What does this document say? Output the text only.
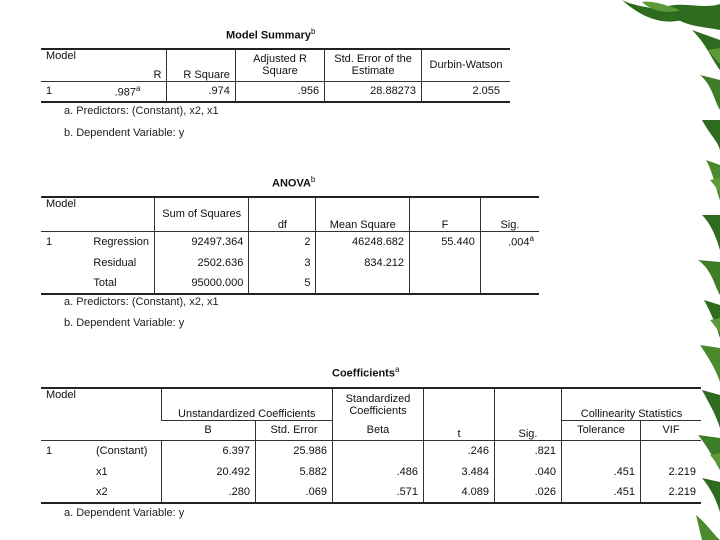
Model Summary$^b$
Model	R	R Square	Adjusted R Square	Std. Error of the Estimate	Durbin-Watson
1	.987$^a$	.974	.956	28.88273	2.055
a. Predictors: (Constant), x2, x1
b. Dependent Variable: y
ANOVA$^b$
Model		Sum of Squares	df	Mean Square	F	Sig.
1	Regression	92497.364	2	46248.682	55.440	.004$^a$
	Residual	2502.636	3	834.212		
	Total	95000.000	5			
a. Predictors: (Constant), x2, x1
b. Dependent Variable: y
Coefficients$^a$
Model		Unstandardized Coefficients		Standardized Coefficients	t	Sig.	Collinearity Statistics	
		B	Std. Error	Beta			Tolerance	VIF
1	(Constant)	6.397	25.986		.246	.821		
	x1	20.492	5.882	.486	3.484	.040	.451	2.219
	x2	.280	.069	.571	4.089	.026	.451	2.219
a. Dependent Variable: y
